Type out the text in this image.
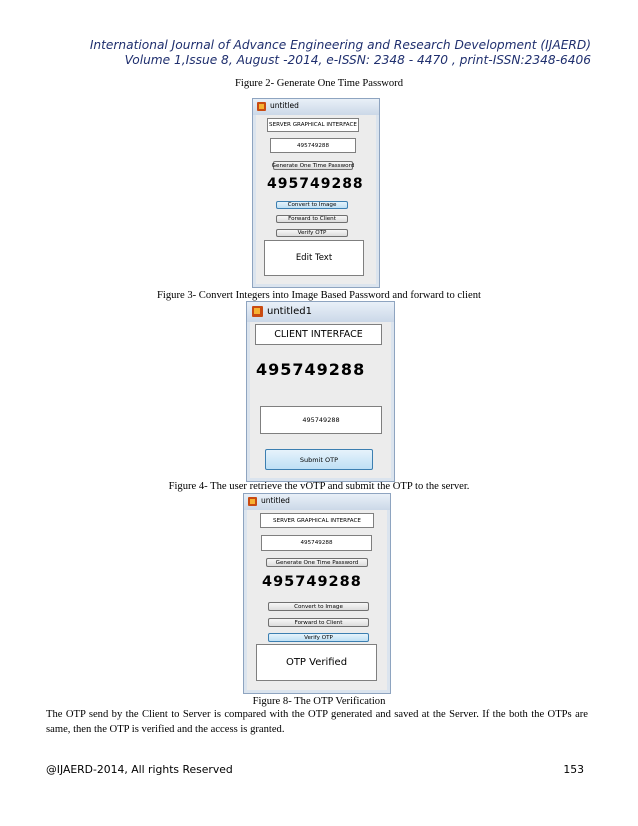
International Journal of Advance Engineering and Research Development (IJAERD)
Volume 1,Issue 8, August -2014, e-ISSN: 2348 - 4470 , print-ISSN:2348-6406
Figure 2- Generate One Time Password
untitled
SERVER GRAPHICAL INTERFACE
495749288
Generate One Time Password
495749288
Convert to Image
Forward to Client
Verify OTP
Edit Text
Figure 3- Convert Integers into Image Based Password and forward to client
untitled1
CLIENT INTERFACE
495749288
495749288
Submit OTP
Figure 4- The user retrieve the vOTP and submit the OTP to the server.
untitled
SERVER GRAPHICAL INTERFACE
495749288
Generate One Time Password
495749288
Convert to Image
Forward to Client
Verify OTP
OTP Verified
Figure 8- The OTP Verification
The OTP send by the Client to Server is compared with the OTP generated and saved at the Server. If the both the OTPs are same, then the OTP is verified and the access is granted.
@IJAERD-2014, All rights Reserved	153
